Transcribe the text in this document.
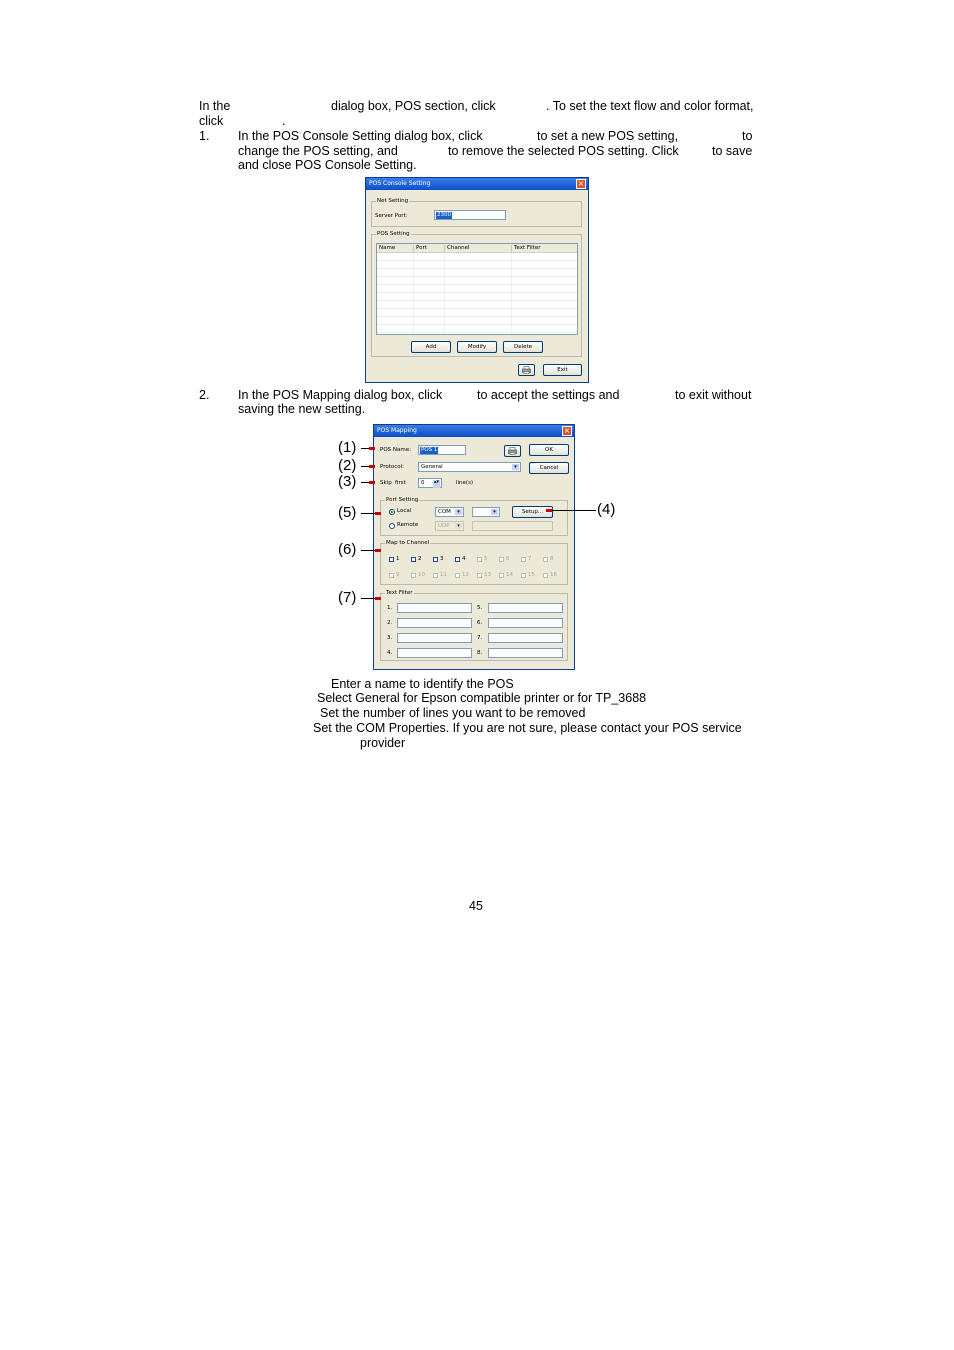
In the	dialog box, POS section, click	. To set the text flow and color format,
click	.
1. In the POS Console Setting dialog box, click	to set a new POS setting,	to
change the POS setting, and	to remove the selected POS setting. Click	to save
and close POS Console Setting.
POS Console Setting	×
Net Setting
Server Port:	2300
POS Setting
Name	Port	Channel	Text Filter
Add	Modify	Delete
Exit
2. In the POS Mapping dialog box, click	to accept the settings and	to exit without
saving the new setting.
POS Mapping	×
POS Name: POS 1	OK
Protocol:	General	▾	Cancel
Skip first	0 ▴▾	line(s)
Port Setting
Local	COM	▾	▾	Setup...
Remote	UDP	▾
Map to Channel
1	2	3	4	5	6	7	8
9	10	11	12	13	14	15	16
Text Filter
1.	5.
2.	6.
3.	7.
4.	8.
(1)
(2)
(3)
(4)
(5)
(6)
(7)
Enter a name to identify the POS
Select General for Epson compatible printer or for TP_3688
Set the number of lines you want to be removed
Set the COM Properties. If you are not sure, please contact your POS service
provider
45
